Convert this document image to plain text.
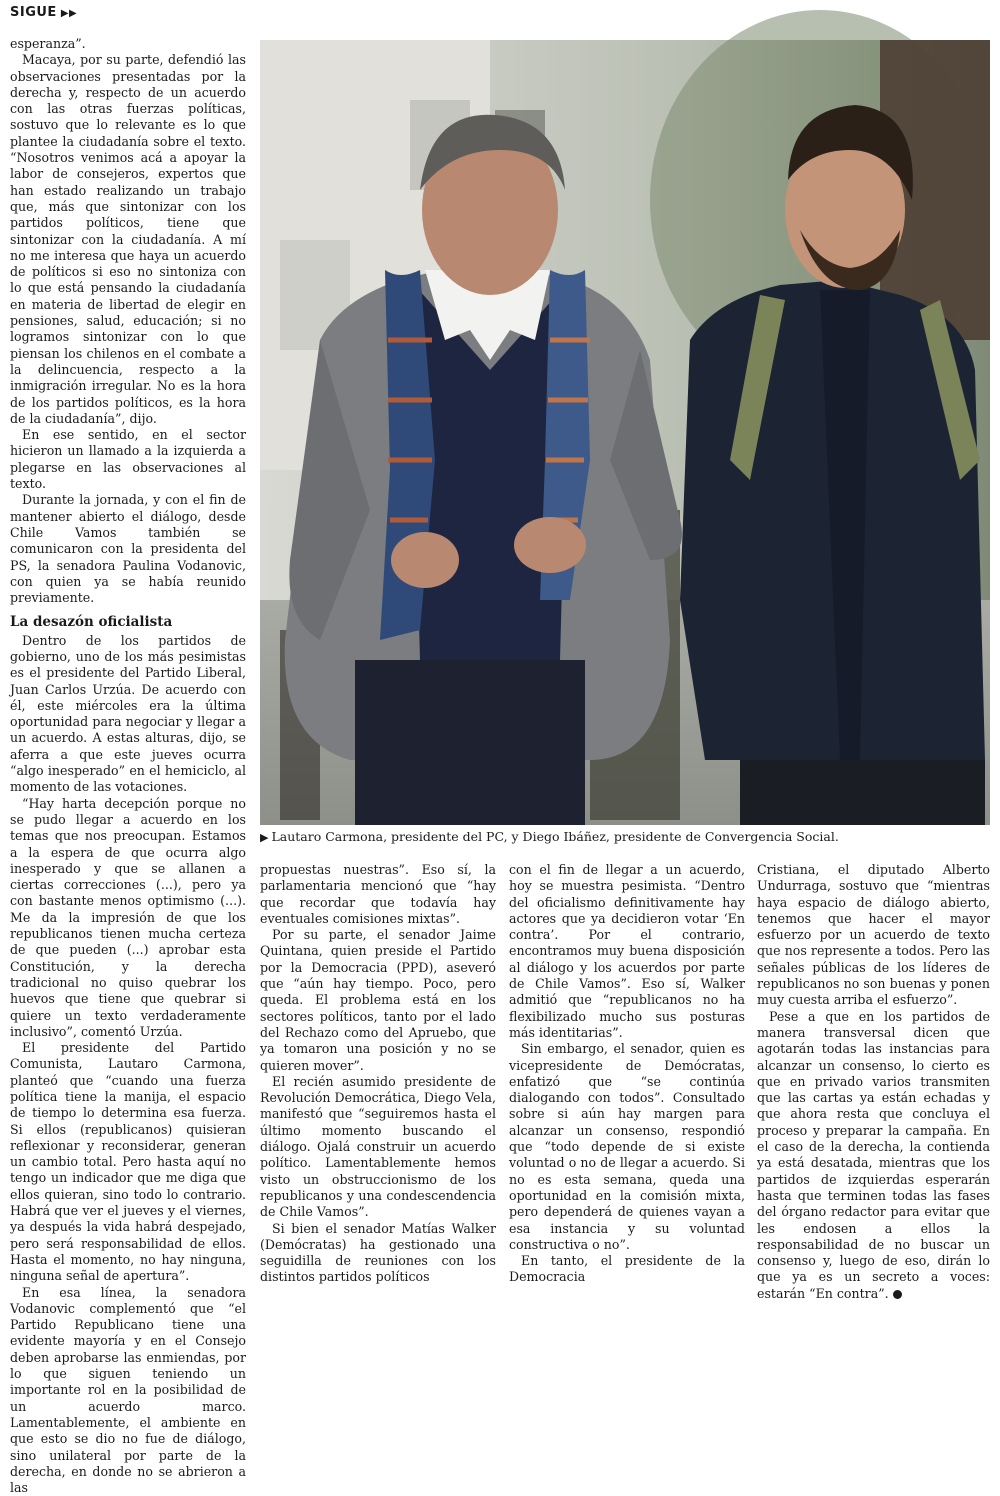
SIGUE ▶▶

esperanza”.

Macaya, por su parte, defendió las observaciones presentadas por la derecha y, respecto de un acuerdo con las otras fuerzas políticas, sostuvo que lo relevante es lo que plantee la ciudadanía sobre el texto. “Nosotros venimos acá a apoyar la labor de consejeros, expertos que han estado realizando un trabajo que, más que sintonizar con los partidos políticos, tiene que sintonizar con la ciudadanía. A mí no me interesa que haya un acuerdo de políticos si eso no sintoniza con lo que está pensando la ciudadanía en materia de libertad de elegir en pensiones, salud, educación; si no logramos sintonizar con lo que piensan los chilenos en el combate a la delincuencia, respecto a la inmigración irregular. No es la hora de los partidos políticos, es la hora de la ciudadanía”, dijo.

En ese sentido, en el sector hicieron un llamado a la izquierda a plegarse en las observaciones al texto.

Durante la jornada, y con el fin de mantener abierto el diálogo, desde Chile Vamos también se comunicaron con la presidenta del PS, la senadora Paulina Vodanovic, con quien ya se había reunido previamente.

La desazón oficialista

Dentro de los partidos de gobierno, uno de los más pesimistas es el presidente del Partido Liberal, Juan Carlos Urzúa. De acuerdo con él, este miércoles era la última oportunidad para negociar y llegar a un acuerdo. A estas alturas, dijo, se aferra a que este jueves ocurra “algo inesperado” en el hemiciclo, al momento de las votaciones.

“Hay harta decepción porque no se pudo llegar a acuerdo en los temas que nos preocupan. Estamos a la espera de que ocurra algo inesperado y que se allanen a ciertas correcciones (...), pero ya con bastante menos optimismo (...). Me da la impresión de que los republicanos tienen mucha certeza de que pueden (...) aprobar esta Constitución, y la derecha tradicional no quiso quebrar los huevos que tiene que quebrar si quiere un texto verdaderamente inclusivo”, comentó Urzúa.

El presidente del Partido Comunista, Lautaro Carmona, planteó que “cuando una fuerza política tiene la manija, el espacio de tiempo lo determina esa fuerza. Si ellos (republicanos) quisieran reflexionar y reconsiderar, generan un cambio total. Pero hasta aquí no tengo un indicador que me diga que ellos quieran, sino todo lo contrario. Habrá que ver el jueves y el viernes, ya después la vida habrá despejado, pero será responsabilidad de ellos. Hasta el momento, no hay ninguna, ninguna señal de apertura”.

En esa línea, la senadora Vodanovic complementó que “el Partido Republicano tiene una evidente mayoría y en el Consejo deben aprobarse las enmiendas, por lo que siguen teniendo un importante rol en la posibilidad de un acuerdo marco. Lamentablemente, el ambiente en que esto se dio no fue de diálogo, sino unilateral por parte de la derecha, en donde no se abrieron a las

▶ Lautaro Carmona, presidente del PC, y Diego Ibáñez, presidente de Convergencia Social.

propuestas nuestras”. Eso sí, la parlamentaria mencionó que “hay que recordar que todavía hay eventuales comisiones mixtas”.

Por su parte, el senador Jaime Quintana, quien preside el Partido por la Democracia (PPD), aseveró que “aún hay tiempo. Poco, pero queda. El problema está en los sectores políticos, tanto por el lado del Rechazo como del Apruebo, que ya tomaron una posición y no se quieren mover”.

El recién asumido presidente de Revolución Democrática, Diego Vela, manifestó que “seguiremos hasta el último momento buscando el diálogo. Ojalá construir un acuerdo político. Lamentablemente hemos visto un obstruccionismo de los republicanos y una condescendencia de Chile Vamos”.

Si bien el senador Matías Walker (Demócratas) ha gestionado una seguidilla de reuniones con los distintos partidos políticos

con el fin de llegar a un acuerdo, hoy se muestra pesimista. “Dentro del oficialismo definitivamente hay actores que ya decidieron votar ‘En contra’. Por el contrario, encontramos muy buena disposición al diálogo y los acuerdos por parte de Chile Vamos”. Eso sí, Walker admitió que “republicanos no ha flexibilizado mucho sus posturas más identitarias”.

Sin embargo, el senador, quien es vicepresidente de Demócratas, enfatizó que “se continúa dialogando con todos”. Consultado sobre si aún hay margen para alcanzar un consenso, respondió que “todo depende de si existe voluntad o no de llegar a acuerdo. Si no es esta semana, queda una oportunidad en la comisión mixta, pero dependerá de quienes vayan a esa instancia y su voluntad constructiva o no”.

En tanto, el presidente de la Democracia

Cristiana, el diputado Alberto Undurraga, sostuvo que “mientras haya espacio de diálogo abierto, tenemos que hacer el mayor esfuerzo por un acuerdo de texto que nos represente a todos. Pero las señales públicas de los líderes de republicanos no son buenas y ponen muy cuesta arriba el esfuerzo”.

Pese a que en los partidos de manera transversal dicen que agotarán todas las instancias para alcanzar un consenso, lo cierto es que en privado varios transmiten que las cartas ya están echadas y que ahora resta que concluya el proceso y preparar la campaña. En el caso de la derecha, la contienda ya está desatada, mientras que los partidos de izquierdas esperarán hasta que terminen todas las fases del órgano redactor para evitar que les endosen a ellos la responsabilidad de no buscar un consenso y, luego de eso, dirán lo que ya es un secreto a voces: estarán “En contra”.
